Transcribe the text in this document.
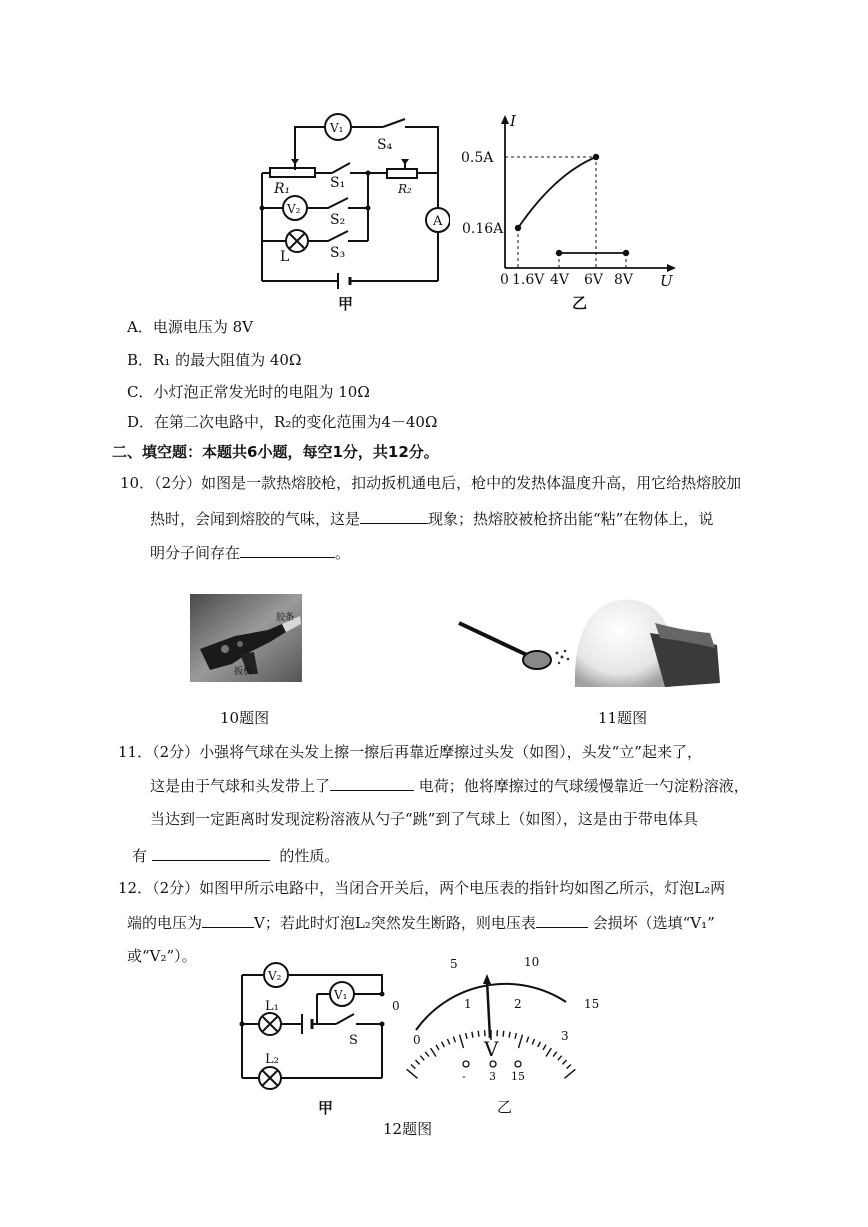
V₁
V₂
A
S₄
R₁	S₁	R₂
S₂
S₃
L
甲
I
U
0
0.5A
0.16A
1.6V 4V 6V 8V
乙
A．电源电压为 8V
B．R₁ 的最大阻值为 40Ω
C．小灯泡正常发光时的电阻为 10Ω
D．在第二次电路中，R₂的变化范围为4－40Ω
二、填空题：本题共6小题，每空1分，共12分。
10．（2分）如图是一款热熔胶枪，扣动扳机通电后，枪中的发热体温度升高，用它给热熔胶加
热时，会闻到熔胶的气味，这是	现象；热熔胶被枪挤出能“粘”在物体上，说
明分子间存在	。
胶条
扳机
10题图	11题图
11．（2分）小强将气球在头发上擦一擦后再靠近摩擦过头发（如图），头发“立”起来了，
这是由于气球和头发带上了	电荷；他将摩擦过的气球缓慢靠近一勺淀粉溶液，
当达到一定距离时发现淀粉溶液从勺子“跳”到了气球上（如图），这是由于带电体具
有	的性质。
12．（2分）如图甲所示电路中，当闭合开关后，两个电压表的指针均如图乙所示，灯泡L₂两
端的电压为	V；若此时灯泡L₂突然发生断路，则电压表	会损坏（选填“V₁”
或“V₂”）。
V₂
V₁
L₁
L₂
S
甲
0
5	10
15
0
1	2
3
V
- 3 15
乙
12题图
